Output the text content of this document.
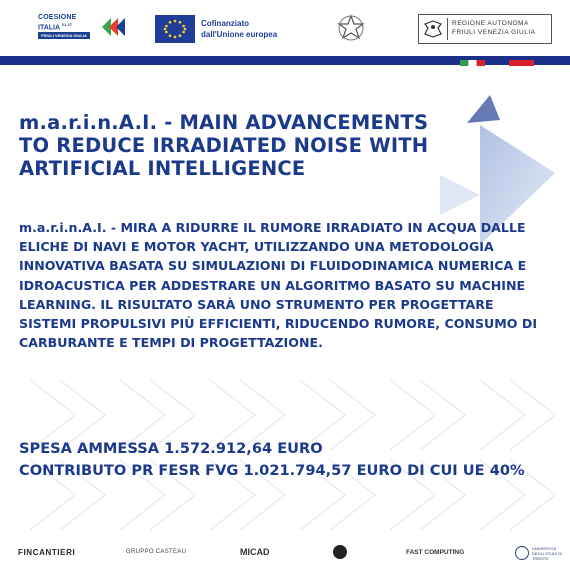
COESIONE
ITALIA $^{21-27}$
FRIULI VENEZIA GIULIA
Cofinanziato
dall'Unione europea
REGIONE AUTONOMA
FRIULI VENEZIA GIULIA
m.a.r.i.n.A.I. - MAIN ADVANCEMENTS TO REDUCE IRRADIATED NOISE WITH ARTIFICIAL INTELLIGENCE

m.a.r.i.n.A.I. - MIRA A RIDURRE IL RUMORE IRRADIATO IN ACQUA DALLE ELICHE DI NAVI E MOTOR YACHT, UTILIZZANDO UNA METODOLOGIA INNOVATIVA BASATA SU SIMULAZIONI DI FLUIDODINAMICA NUMERICA E IDROACUSTICA PER ADDESTRARE UN ALGORITMO BASATO SU MACHINE LEARNING. IL RISULTATO SARÀ UNO STRUMENTO PER PROGETTARE SISTEMI PROPULSIVI PIÙ EFFICIENTI, RIDUCENDO RUMORE, CONSUMO DI CARBURANTE E TEMPI DI PROGETTAZIONE.

SPESA AMMESSA 1.572.912,64 EURO
CONTRIBUTO PR FESR FVG 1.021.794,57 EURO DI CUI UE 40%
FINCANTIERI	GRUPPO CASTEAU	MICAD	FAST COMPUTING
UNIVERSITÀ DEGLI STUDI DI TRIESTE
